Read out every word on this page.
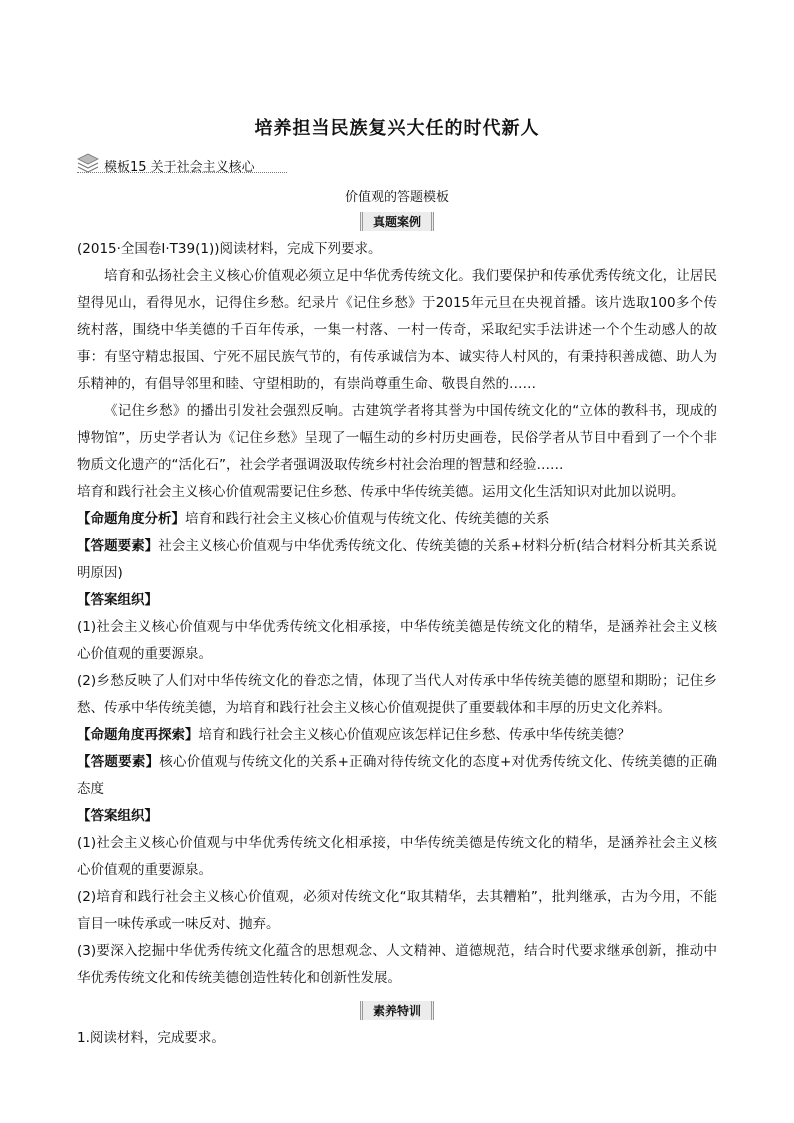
培养担当民族复兴大任的时代新人
模板15 关于社会主义核心
价值观的答题模板
真题案例

(2015·全国卷Ⅰ·T39(1))阅读材料，完成下列要求。

培育和弘扬社会主义核心价值观必须立足中华优秀传统文化。我们要保护和传承优秀传统文化，让居民望得见山，看得见水，记得住乡愁。纪录片《记住乡愁》于2015年元旦在央视首播。该片选取100多个传统村落，围绕中华美德的千百年传承，一集一村落、一村一传奇，采取纪实手法讲述一个个生动感人的故事：有坚守精忠报国、宁死不屈民族气节的，有传承诚信为本、诚实待人村风的，有秉持积善成德、助人为乐精神的，有倡导邻里和睦、守望相助的，有崇尚尊重生命、敬畏自然的……

《记住乡愁》的播出引发社会强烈反响。古建筑学者将其誉为中国传统文化的“立体的教科书，现成的博物馆”，历史学者认为《记住乡愁》呈现了一幅生动的乡村历史画卷，民俗学者从节目中看到了一个个非物质文化遗产的“活化石”，社会学者强调汲取传统乡村社会治理的智慧和经验……

培育和践行社会主义核心价值观需要记住乡愁、传承中华传统美德。运用文化生活知识对此加以说明。

【命题角度分析】培育和践行社会主义核心价值观与传统文化、传统美德的关系

【答题要素】社会主义核心价值观与中华优秀传统文化、传统美德的关系+材料分析(结合材料分析其关系说明原因)

【答案组织】

(1)社会主义核心价值观与中华优秀传统文化相承接，中华传统美德是传统文化的精华，是涵养社会主义核心价值观的重要源泉。

(2)乡愁反映了人们对中华传统文化的眷恋之情，体现了当代人对传承中华传统美德的愿望和期盼；记住乡愁、传承中华传统美德，为培育和践行社会主义核心价值观提供了重要载体和丰厚的历史文化养料。

【命题角度再探索】培育和践行社会主义核心价值观应该怎样记住乡愁、传承中华传统美德？

【答题要素】核心价值观与传统文化的关系+正确对待传统文化的态度+对优秀传统文化、传统美德的正确态度

【答案组织】

(1)社会主义核心价值观与中华优秀传统文化相承接，中华传统美德是传统文化的精华，是涵养社会主义核心价值观的重要源泉。

(2)培育和践行社会主义核心价值观，必须对传统文化“取其精华，去其糟粕”，批判继承，古为今用，不能盲目一味传承或一味反对、抛弃。

(3)要深入挖掘中华优秀传统文化蕴含的思想观念、人文精神、道德规范，结合时代要求继承创新，推动中华优秀传统文化和传统美德创造性转化和创新性发展。

素养特训

1.阅读材料，完成要求。
